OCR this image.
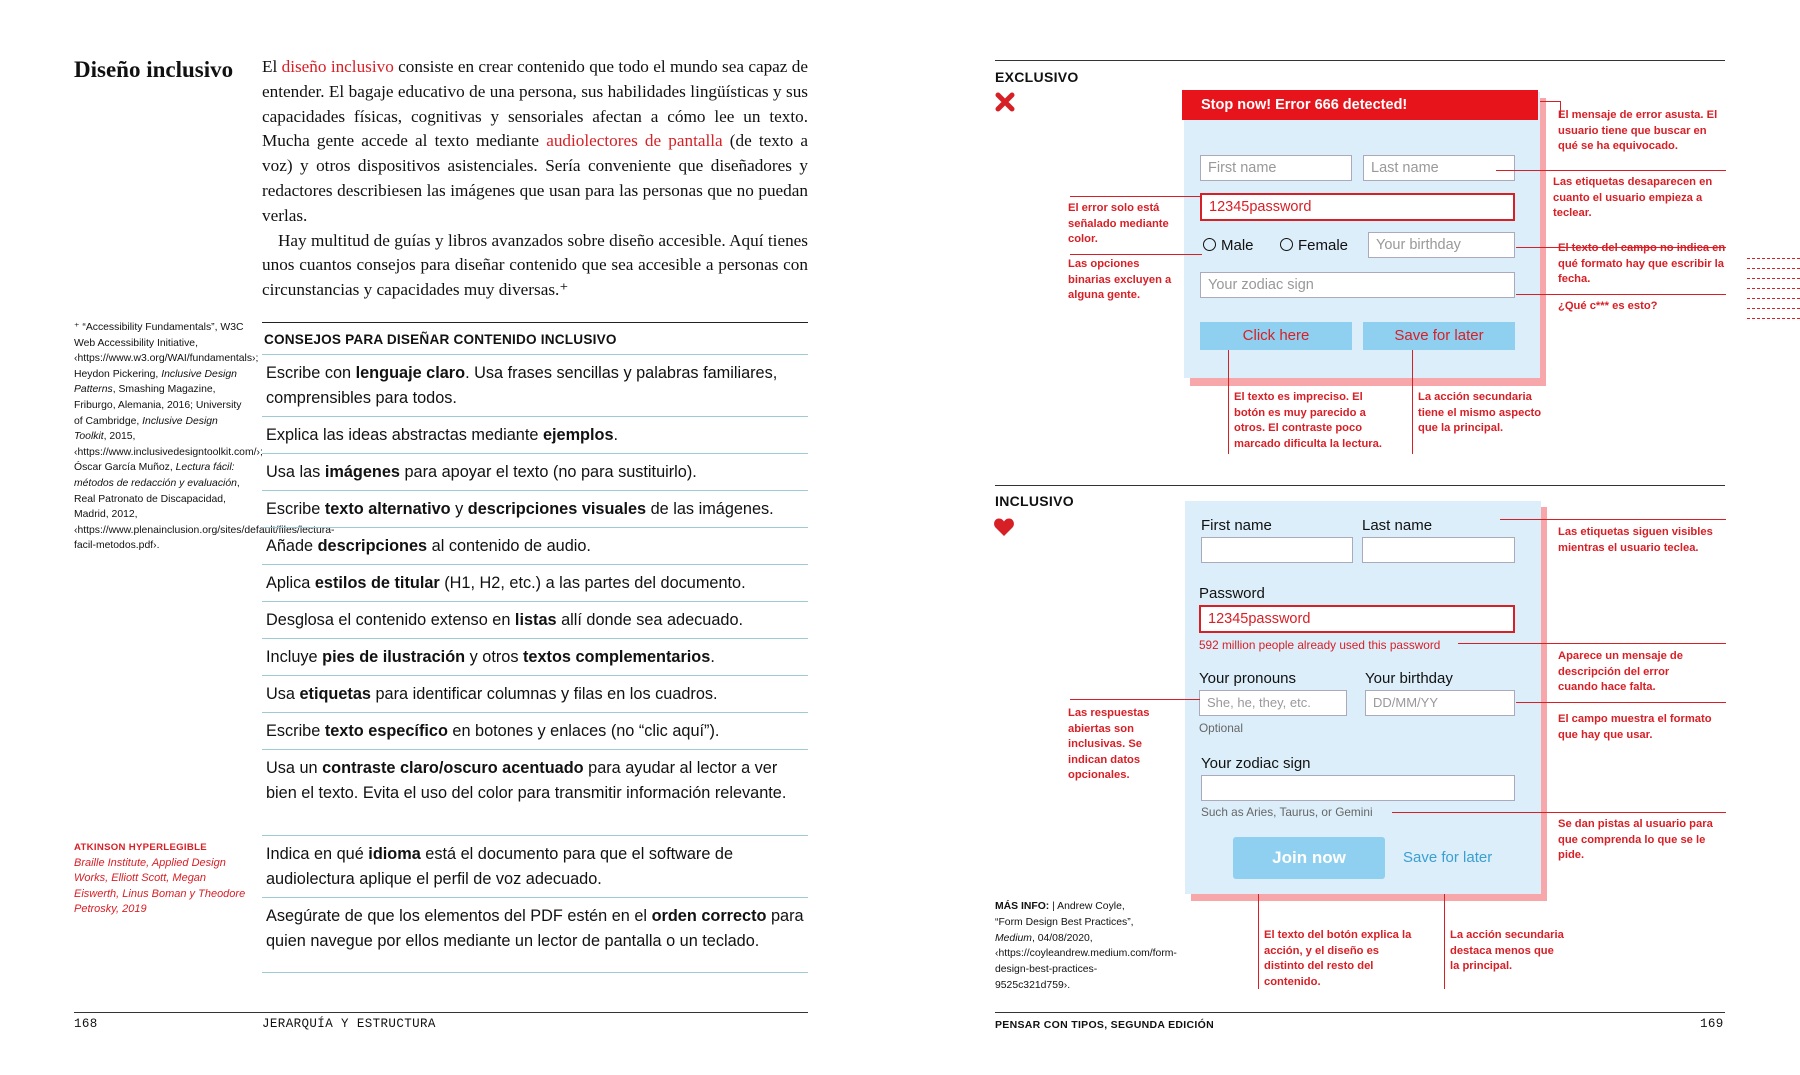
Diseño inclusivo	El diseño inclusivo consiste en crear contenido que todo el mundo sea capaz de entender. El bagaje educativo de una persona, sus habilidades lingüísticas y sus capacidades físicas, cognitivas y sensoriales afectan a cómo lee un texto. Mucha gente accede al texto mediante audiolectores de pantalla (de texto a voz) y otros dispositivos asistenciales. Sería conveniente que diseñadores y redactores describiesen las imágenes que usan para las personas que no puedan verlas.

Hay multitud de guías y libros avanzados sobre diseño accesible. Aquí tienes unos cuantos consejos para diseñar contenido que sea accesible a personas con circunstancias y capacidades muy diversas.⁺

⁺ “Accessibility Fundamentals”, W3C Web Accessibility Initiative, ‹https://www.w3.org/WAI/fundamentals›; Heydon Pickering, Inclusive Design Patterns, Smashing Magazine, Friburgo, Alemania, 2016; University of Cambridge, Inclusive Design Toolkit, 2015, ‹https://www.inclusivedesigntoolkit.com/›; Óscar García Muñoz, Lectura fácil: métodos de redacción y evaluación, Real Patronato de Discapacidad, Madrid, 2012, ‹https://www.plenainclusion.org/sites/default/files/lectura-facil-metodos.pdf›.
ATKINSON HYPERLEGIBLE
Braille Institute, Applied Design Works, Elliott Scott, Megan Eiswerth, Linus Boman y Theodore Petrosky, 2019
CONSEJOS PARA DISEÑAR CONTENIDO INCLUSIVO
Escribe con lenguaje claro. Usa frases sencillas y palabras familiares, comprensibles para todos.
Explica las ideas abstractas mediante ejemplos.
Usa las imágenes para apoyar el texto (no para sustituirlo).
Escribe texto alternativo y descripciones visuales de las imágenes.
Añade descripciones al contenido de audio.
Aplica estilos de titular (H1, H2, etc.) a las partes del documento.
Desglosa el contenido extenso en listas allí donde sea adecuado.
Incluye pies de ilustración y otros textos complementarios.
Usa etiquetas para identificar columnas y filas en los cuadros.
Escribe texto específico en botones y enlaces (no “clic aquí”).
Usa un contraste claro/oscuro acentuado para ayudar al lector a ver bien el texto. Evita el uso del color para transmitir información relevante.
Indica en qué idioma está el documento para que el software de audiolectura aplique el perfil de voz adecuado.
Asegúrate de que los elementos del PDF estén en el orden correcto para quien navegue por ellos mediante un lector de pantalla o un teclado.
168	JERARQUÍA Y ESTRUCTURA
EXCLUSIVO
Stop now! Error 666 detected!
First name	Last name
12345password
Male	Female	Your birthday
Your zodiac sign
Click here	Save for later
El mensaje de error asusta. El usuario tiene que buscar en qué se ha equivocado.
Las etiquetas desaparecen en cuanto el usuario empieza a teclear.
El error solo está señalado mediante color.
Las opciones binarias excluyen a alguna gente.
El texto del campo no indica en qué formato hay que escribir la fecha.
¿Qué c*** es esto?
El texto es impreciso. El botón es muy parecido a otros. El contraste poco marcado dificulta la lectura.
La acción secundaria tiene el mismo aspecto que la principal.
INCLUSIVO
First name	Last name
Password
12345password
592 million people already used this password
Your pronouns	Your birthday
She, he, they, etc.	DD/MM/YY
Optional
Your zodiac sign
Such as Aries, Taurus, or Gemini
Join now	Save for later
Las etiquetas siguen visibles mientras el usuario teclea.
Aparece un mensaje de descripción del error cuando hace falta.
Las respuestas abiertas son inclusivas. Se indican datos opcionales.
El campo muestra el formato que hay que usar.
Se dan pistas al usuario para que comprenda lo que se le pide.
El texto del botón explica la acción, y el diseño es distinto del resto del contenido.
La acción secundaria destaca menos que la principal.
MÁS INFO: | Andrew Coyle, “Form Design Best Practices”, Medium, 04/08/2020, ‹https://coyleandrew.medium.com/form-design-best-practices-9525c321d759›.
PENSAR CON TIPOS, SEGUNDA EDICIÓN	169
